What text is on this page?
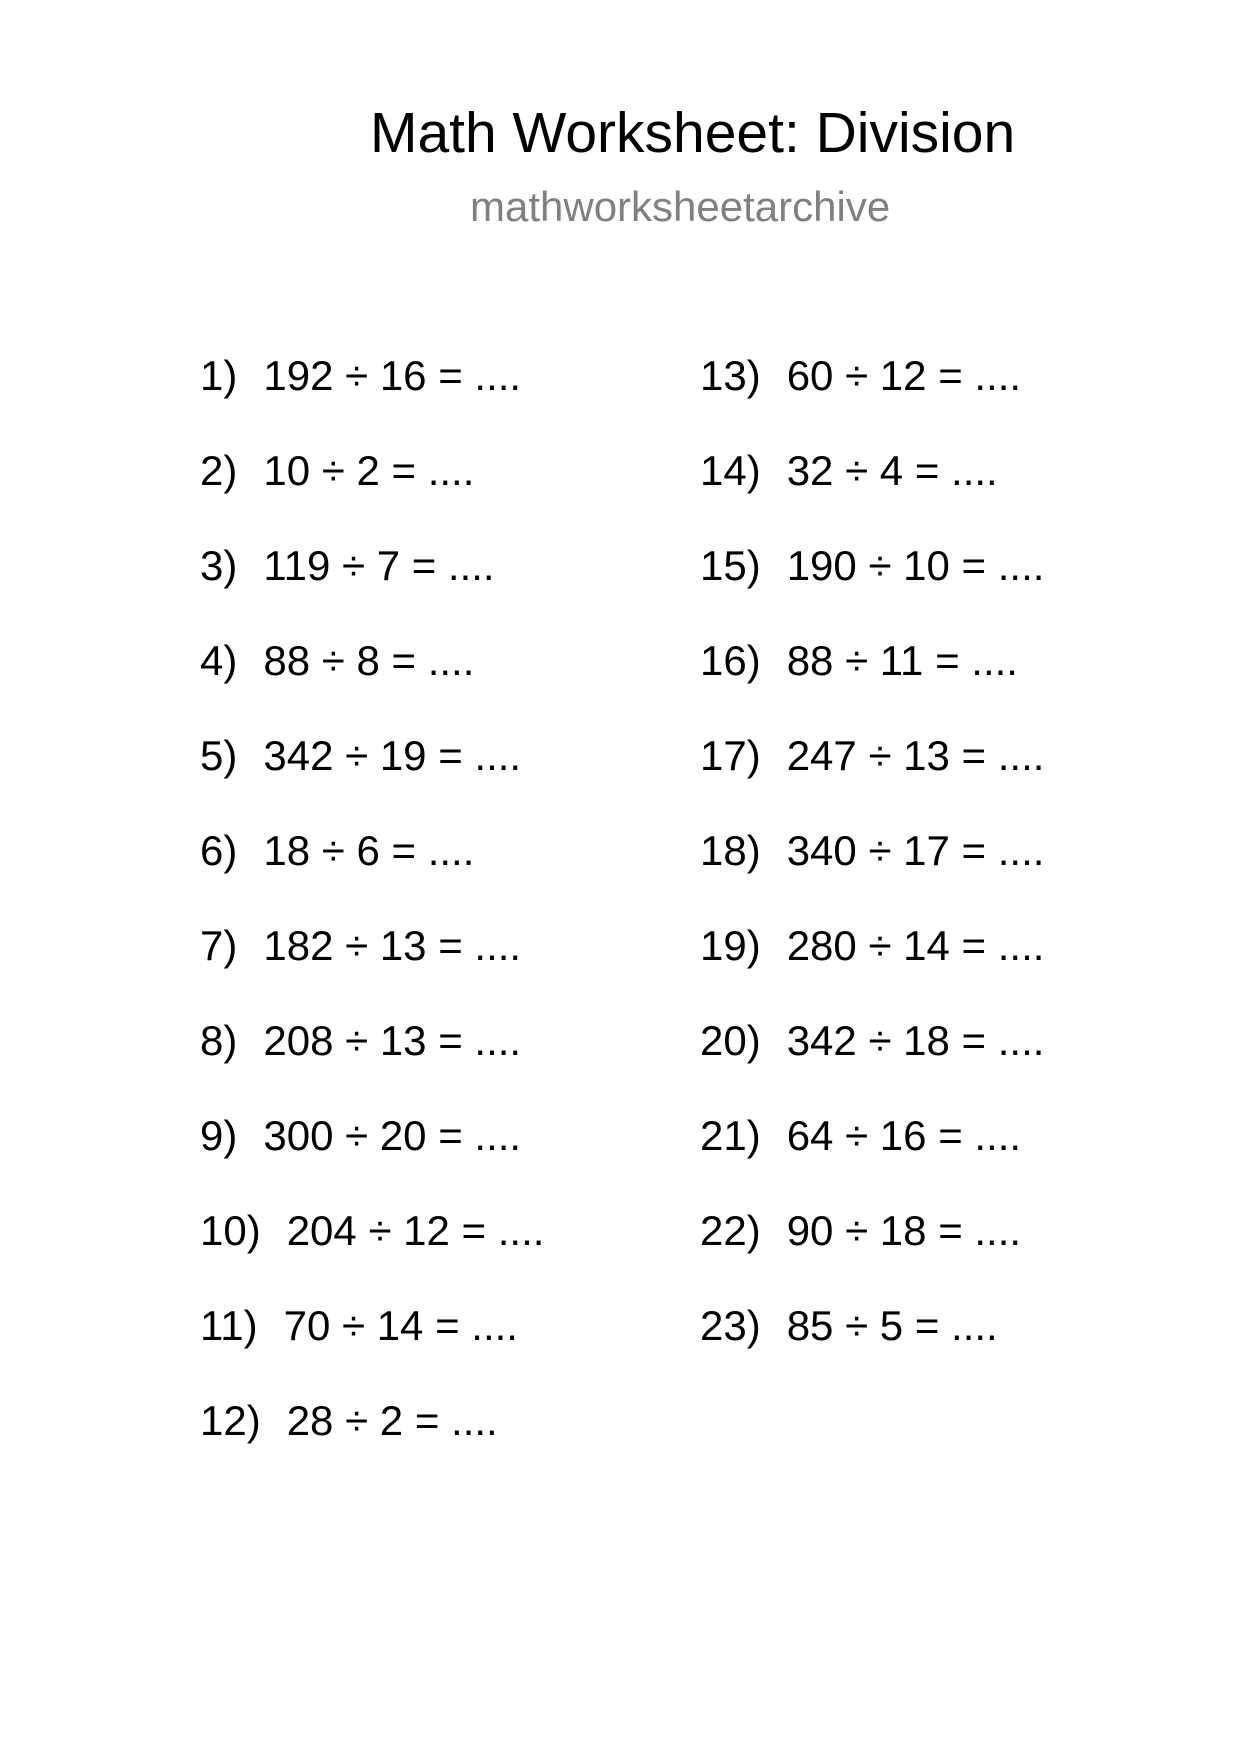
Math Worksheet: Division
mathworksheetarchive
1) 192 ÷ 16 = ....
2) 10 ÷ 2 = ....
3) 119 ÷ 7 = ....
4) 88 ÷ 8 = ....
5) 342 ÷ 19 = ....
6) 18 ÷ 6 = ....
7) 182 ÷ 13 = ....
8) 208 ÷ 13 = ....
9) 300 ÷ 20 = ....
10) 204 ÷ 12 = ....
11) 70 ÷ 14 = ....
12) 28 ÷ 2 = ....
13) 60 ÷ 12 = ....
14) 32 ÷ 4 = ....
15) 190 ÷ 10 = ....
16) 88 ÷ 11 = ....
17) 247 ÷ 13 = ....
18) 340 ÷ 17 = ....
19) 280 ÷ 14 = ....
20) 342 ÷ 18 = ....
21) 64 ÷ 16 = ....
22) 90 ÷ 18 = ....
23) 85 ÷ 5 = ....
